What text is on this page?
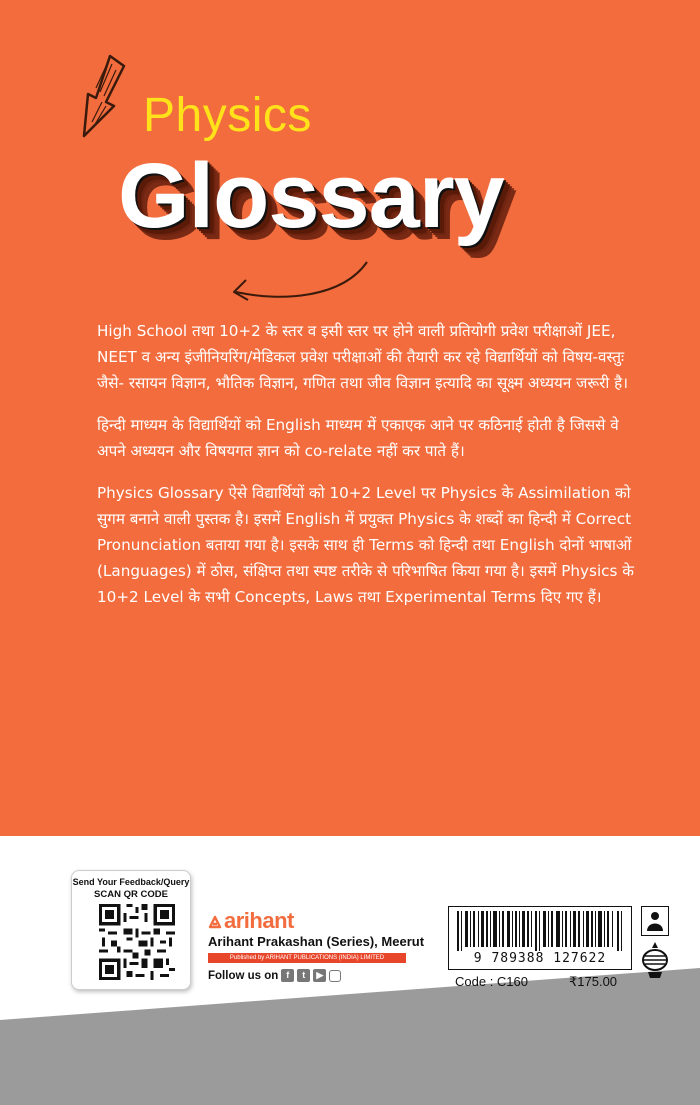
Physics
Glossary

High School तथा 10+2 के स्तर व इसी स्तर पर होने वाली प्रतियोगी प्रवेश परीक्षाओं JEE, NEET व अन्य इंजीनियरिंग/मेडिकल प्रवेश परीक्षाओं की तैयारी कर रहे विद्यार्थियों को विषय-वस्तुः जैसे- रसायन विज्ञान, भौतिक विज्ञान, गणित तथा जीव विज्ञान इत्यादि का सूक्ष्म अध्ययन जरूरी है।

हिन्दी माध्यम के विद्यार्थियों को English माध्यम में एकाएक आने पर कठिनाई होती है जिससे वे अपने अध्ययन और विषयगत ज्ञान को co-relate नहीं कर पाते हैं।

Physics Glossary ऐसे विद्यार्थियों को 10+2 Level पर Physics के Assimilation को सुगम बनाने वाली पुस्तक है। इसमें English में प्रयुक्त Physics के शब्दों का हिन्दी में Correct Pronunciation बताया गया है। इसके साथ ही Terms को हिन्दी तथा English दोनों भाषाओं (Languages) में ठोस, संक्षिप्त तथा स्पष्ट तरीके से परिभाषित किया गया है। इसमें Physics के 10+2 Level के सभी Concepts, Laws तथा Experimental Terms दिए गए हैं।

Send Your Feedback/Query
SCAN QR CODE
arihant
Arihant Prakashan (Series), Meerut
Published by ARIHANT PUBLICATIONS (INDIA) LIMITED
Follow us on f	t	▶
9 789388 127622
Code : C160	₹175.00
